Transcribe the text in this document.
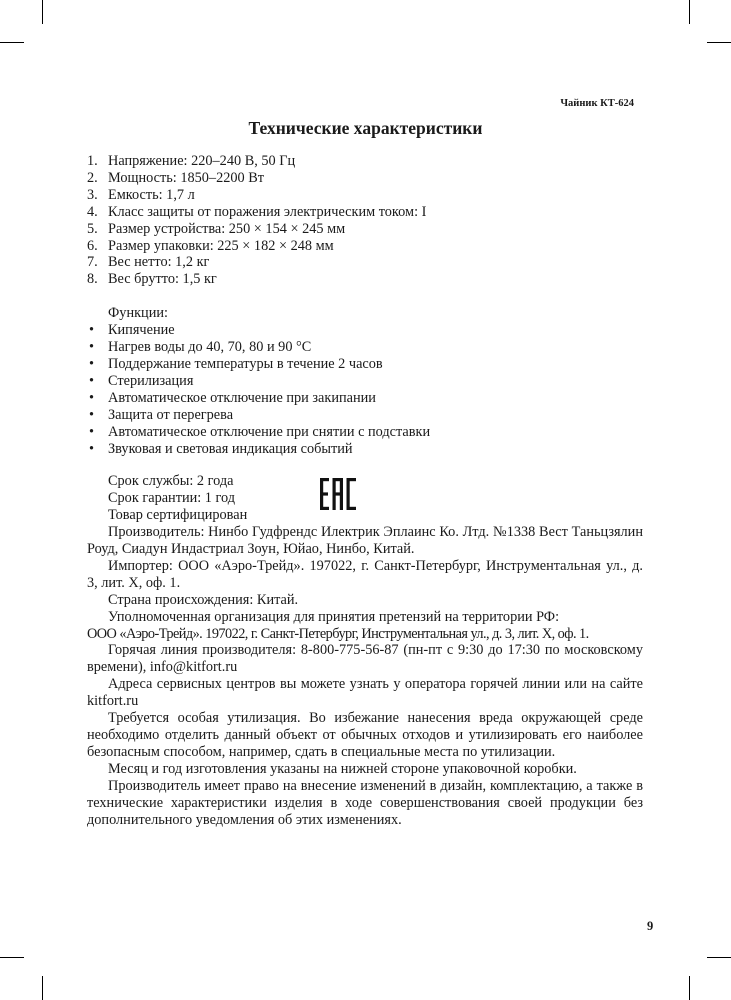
Чайник КТ-624
Технические характеристики
1. Напряжение: 220–240 В, 50 Гц
2. Мощность: 1850–2200 Вт
3. Емкость: 1,7 л
4. Класс защиты от поражения электрическим током: I
5. Размер устройства: 250 × 154 × 245 мм
6. Размер упаковки: 225 × 182 × 248 мм
7. Вес нетто: 1,2 кг
8. Вес брутто: 1,5 кг
Функции:
• Кипячение
• Нагрев воды до 40, 70, 80 и 90 °С
• Поддержание температуры в течение 2 часов
• Стерилизация
• Автоматическое отключение при закипании
• Защита от перегрева
• Автоматическое отключение при снятии с подставки
• Звуковая и световая индикация событий
Срок службы: 2 года
Срок гарантии: 1 год
Товар сертифицирован
Производитель: Нинбо Гудфрендс Илектрик Эплаинс Ко. Лтд. №1338 Вест Таньцзялин Роуд, Сиадун Индастриал Зоун, Юйао, Нинбо, Китай.
Импортер: ООО «Аэро-Трейд». 197022, г. Санкт-Петербург, Инструментальная ул., д. 3, лит. Х, оф. 1.
Страна происхождения: Китай.
Уполномоченная организация для принятия претензий на территории РФ:
ООО «Аэро-Трейд». 197022, г. Санкт-Петербург, Инструментальная ул., д. 3, лит. Х, оф. 1.
Горячая линия производителя: 8-800-775-56-87 (пн-пт с 9:30 до 17:30 по московскому времени), info@kitfort.ru
Адреса сервисных центров вы можете узнать у оператора горячей линии или на сайте kitfort.ru
Требуется особая утилизация. Во избежание нанесения вреда окружающей среде необходимо отделить данный объект от обычных отходов и утилизировать его наиболее безопасным способом, например, сдать в специальные места по утилизации.
Месяц и год изготовления указаны на нижней стороне упаковочной коробки.
Производитель имеет право на внесение изменений в дизайн, комплектацию, а также в технические характеристики изделия в ходе совершенствования своей продукции без дополнительного уведомления об этих изменениях.
9
